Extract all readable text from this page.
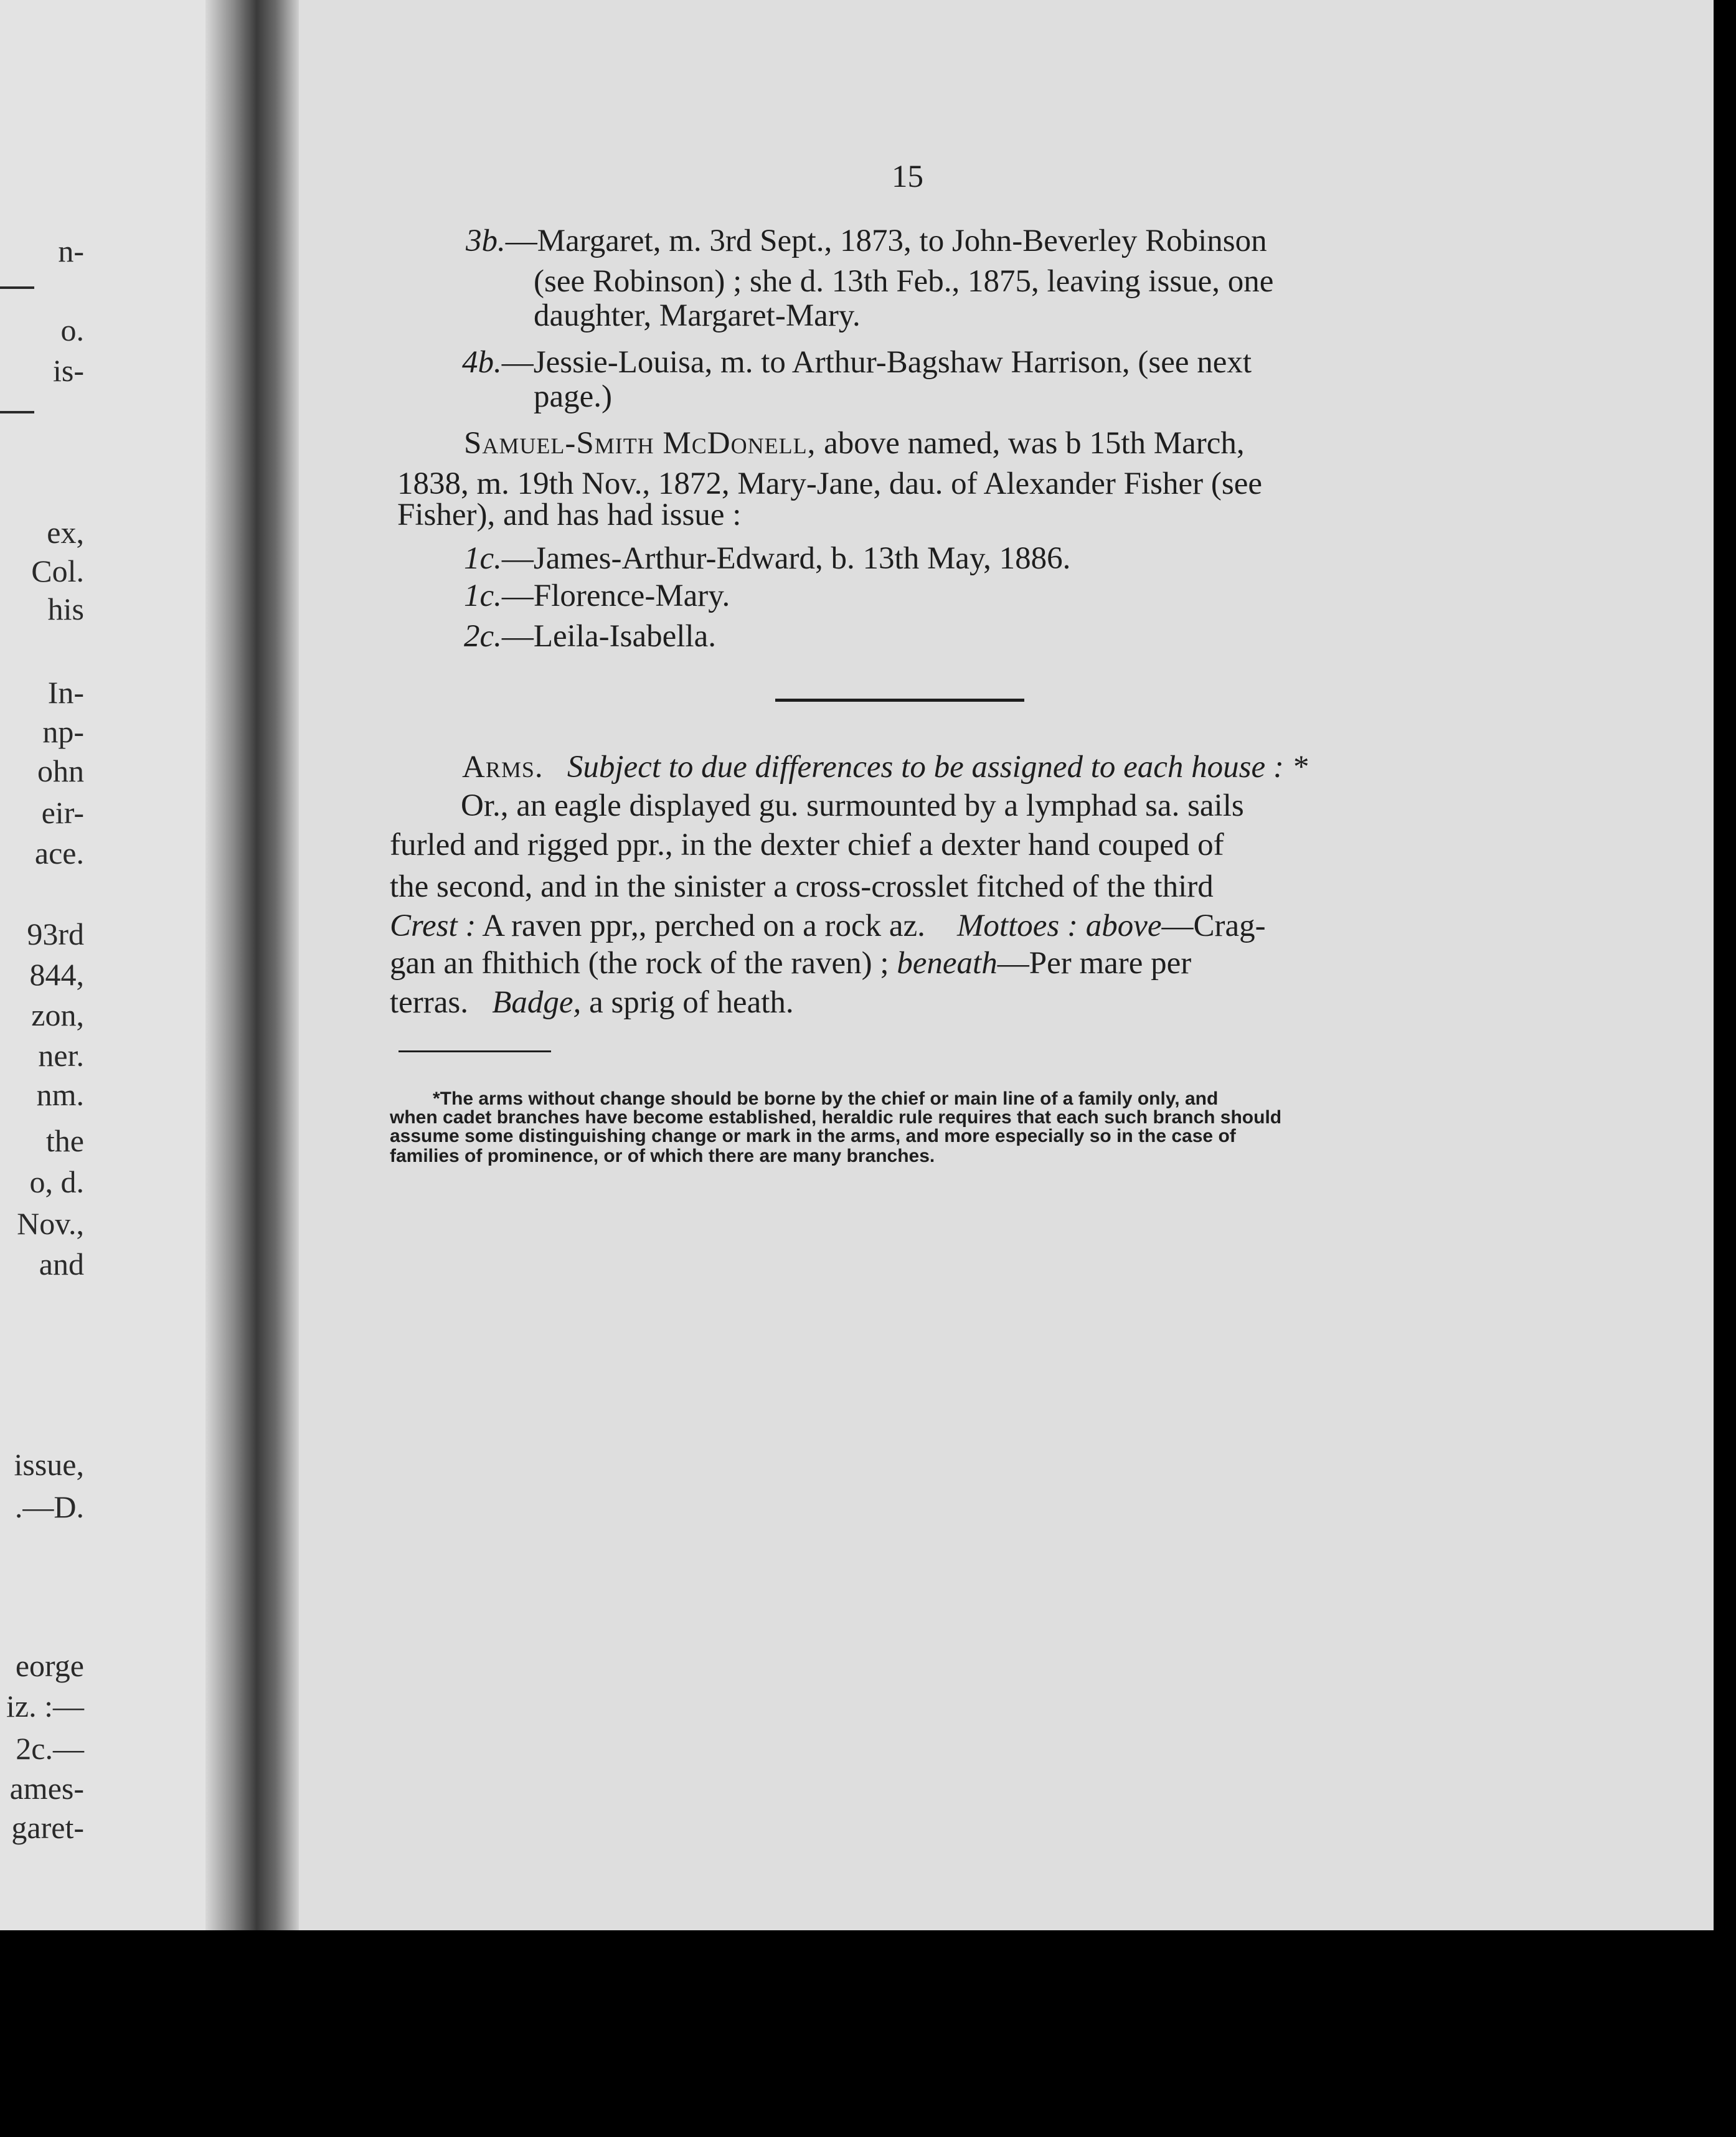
n-
o.
is-
ex,
Col.
his
In-
np-
ohn
eir-
ace.
93rd
844,
zon,
ner.
nm.
the
o, d.
Nov.,
and
issue,
.—D.
eorge
iz. :—
2c.—
ames-
garet-
15
3b.—Margaret, m. 3rd Sept., 1873, to John-Beverley Robinson
(see Robinson) ; she d. 13th Feb., 1875, leaving issue, one
daughter, Margaret-Mary.
4b.—Jessie-Louisa, m. to Arthur-Bagshaw Harrison, (see next
page.)
Samuel-Smith McDonell, above named, was b 15th March,
1838, m. 19th Nov., 1872, Mary-Jane, dau. of Alexander Fisher (see
Fisher), and has had issue :
1c.—James-Arthur-Edward, b. 13th May, 1886.
1c.—Florence-Mary.
2c.—Leila-Isabella.
Arms. Subject to due differences to be assigned to each house : *
Or., an eagle displayed gu. surmounted by a lymphad sa. sails
furled and rigged ppr., in the dexter chief a dexter hand couped of
the second, and in the sinister a cross-crosslet fitched of the third
Crest : A raven ppr,, perched on a rock az. Mottoes : above—Crag-
gan an fhithich (the rock of the raven) ; beneath—Per mare per
terras. Badge, a sprig of heath.
*The arms without change should be borne by the chief or main line of a family only, and
when cadet branches have become established, heraldic rule requires that each such branch should
assume some distinguishing change or mark in the arms, and more especially so in the case of
families of prominence, or of which there are many branches.
